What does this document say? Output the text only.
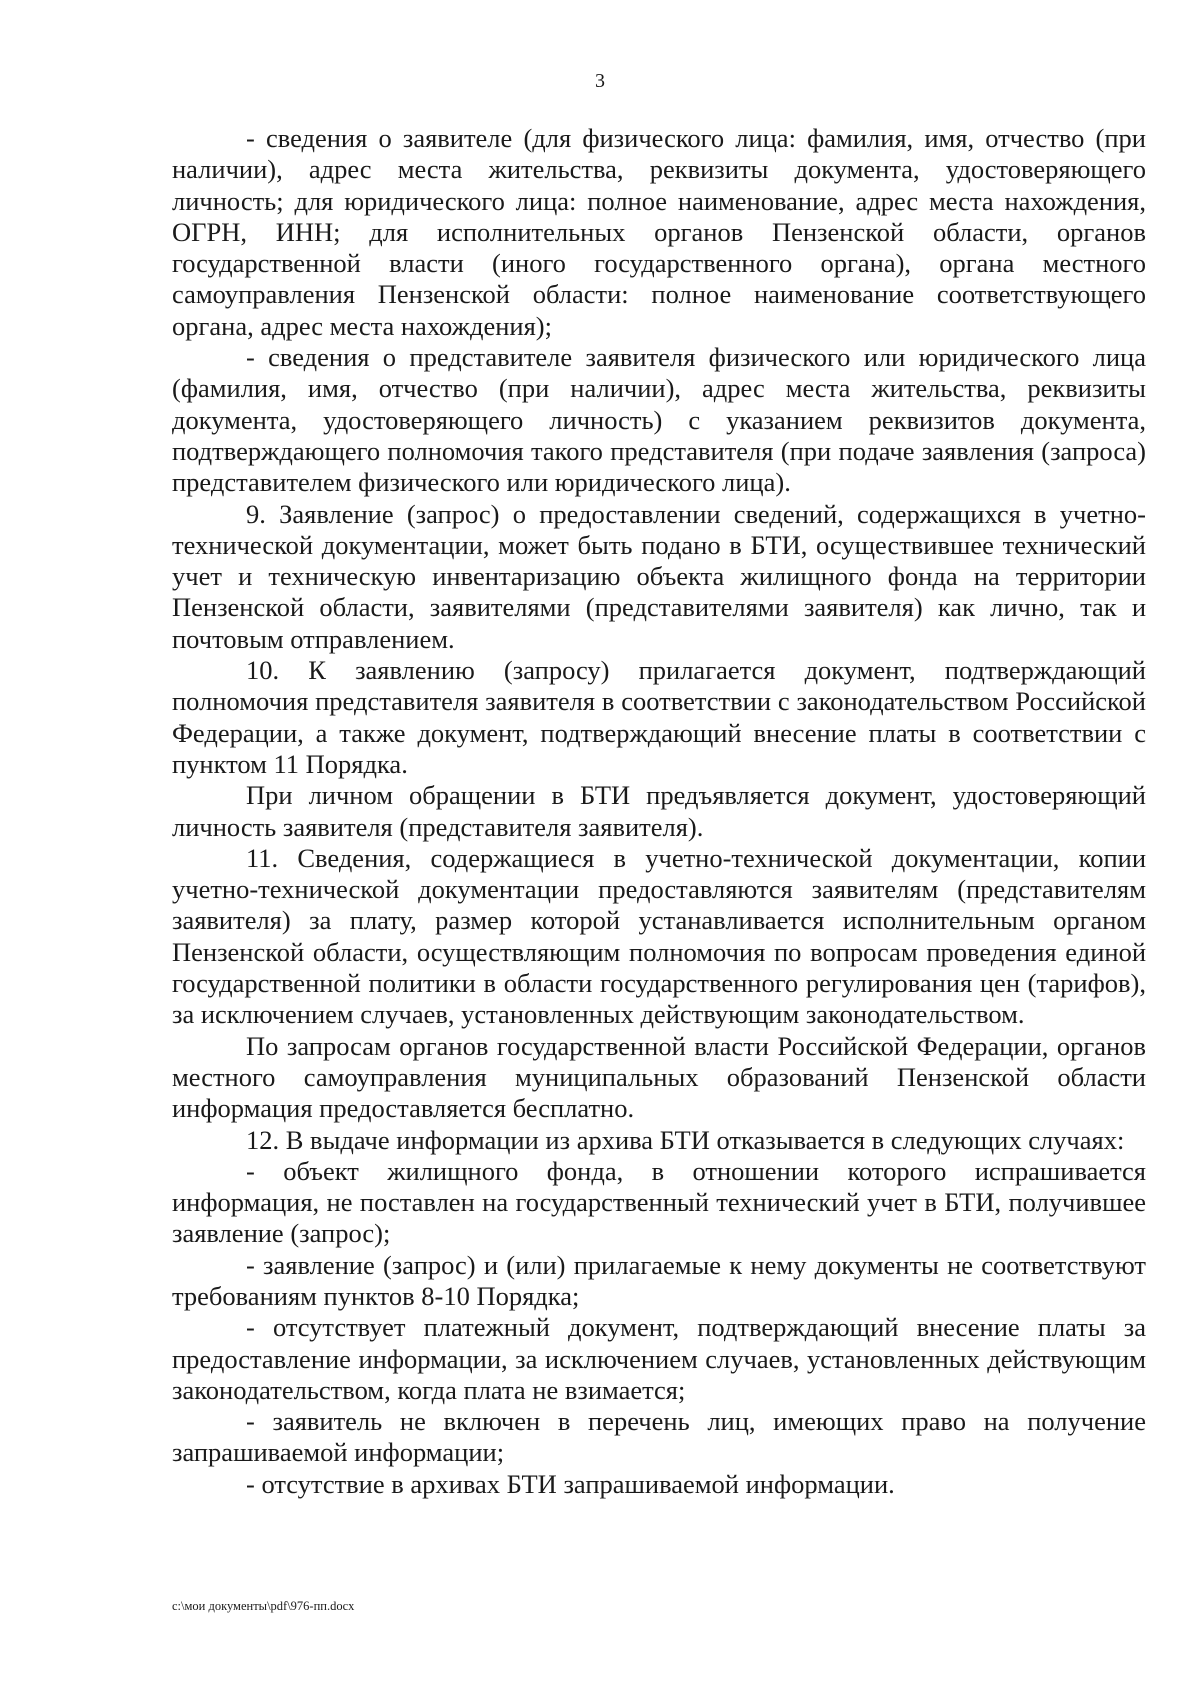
3

- сведения о заявителе (для физического лица: фамилия, имя, отчество (при наличии), адрес места жительства, реквизиты документа, удостоверяющего личность; для юридического лица: полное наименование, адрес места нахождения, ОГРН, ИНН; для исполнительных органов Пензенской области, органов государственной власти (иного государственного органа), органа местного самоуправления Пензенской области: полное наименование соответствующего органа, адрес места нахождения);

- сведения о представителе заявителя физического или юридического лица (фамилия, имя, отчество (при наличии), адрес места жительства, реквизиты документа, удостоверяющего личность) с указанием реквизитов документа, подтверждающего полномочия такого представителя (при подаче заявления (запроса) представителем физического или юридического лица).

9. Заявление (запрос) о предоставлении сведений, содержащихся в учетно-технической документации, может быть подано в БТИ, осуществившее технический учет и техническую инвентаризацию объекта жилищного фонда на территории Пензенской области, заявителями (представителями заявителя) как лично, так и почтовым отправлением.

10. К заявлению (запросу) прилагается документ, подтверждающий полномочия представителя заявителя в соответствии с законодательством Российской Федерации, а также документ, подтверждающий внесение платы в соответствии с пунктом 11 Порядка.

При личном обращении в БТИ предъявляется документ, удостоверяющий личность заявителя (представителя заявителя).

11. Сведения, содержащиеся в учетно-технической документации, копии учетно-технической документации предоставляются заявителям (представителям заявителя) за плату, размер которой устанавливается исполнительным органом Пензенской области, осуществляющим полномочия по вопросам проведения единой государственной политики в области государственного регулирования цен (тарифов), за исключением случаев, установленных действующим законодательством.

По запросам органов государственной власти Российской Федерации, органов местного самоуправления муниципальных образований Пензенской области информация предоставляется бесплатно.

12. В выдаче информации из архива БТИ отказывается в следующих случаях:

- объект жилищного фонда, в отношении которого испрашивается информация, не поставлен на государственный технический учет в БТИ, получившее заявление (запрос);

- заявление (запрос) и (или) прилагаемые к нему документы не соответствуют требованиям пунктов 8-10 Порядка;

- отсутствует платежный документ, подтверждающий внесение платы за предоставление информации, за исключением случаев, установленных действующим законодательством, когда плата не взимается;

- заявитель не включен в перечень лиц, имеющих право на получение запрашиваемой информации;

- отсутствие в архивах БТИ запрашиваемой информации.

c:\мои документы\pdf\976-пп.docx
